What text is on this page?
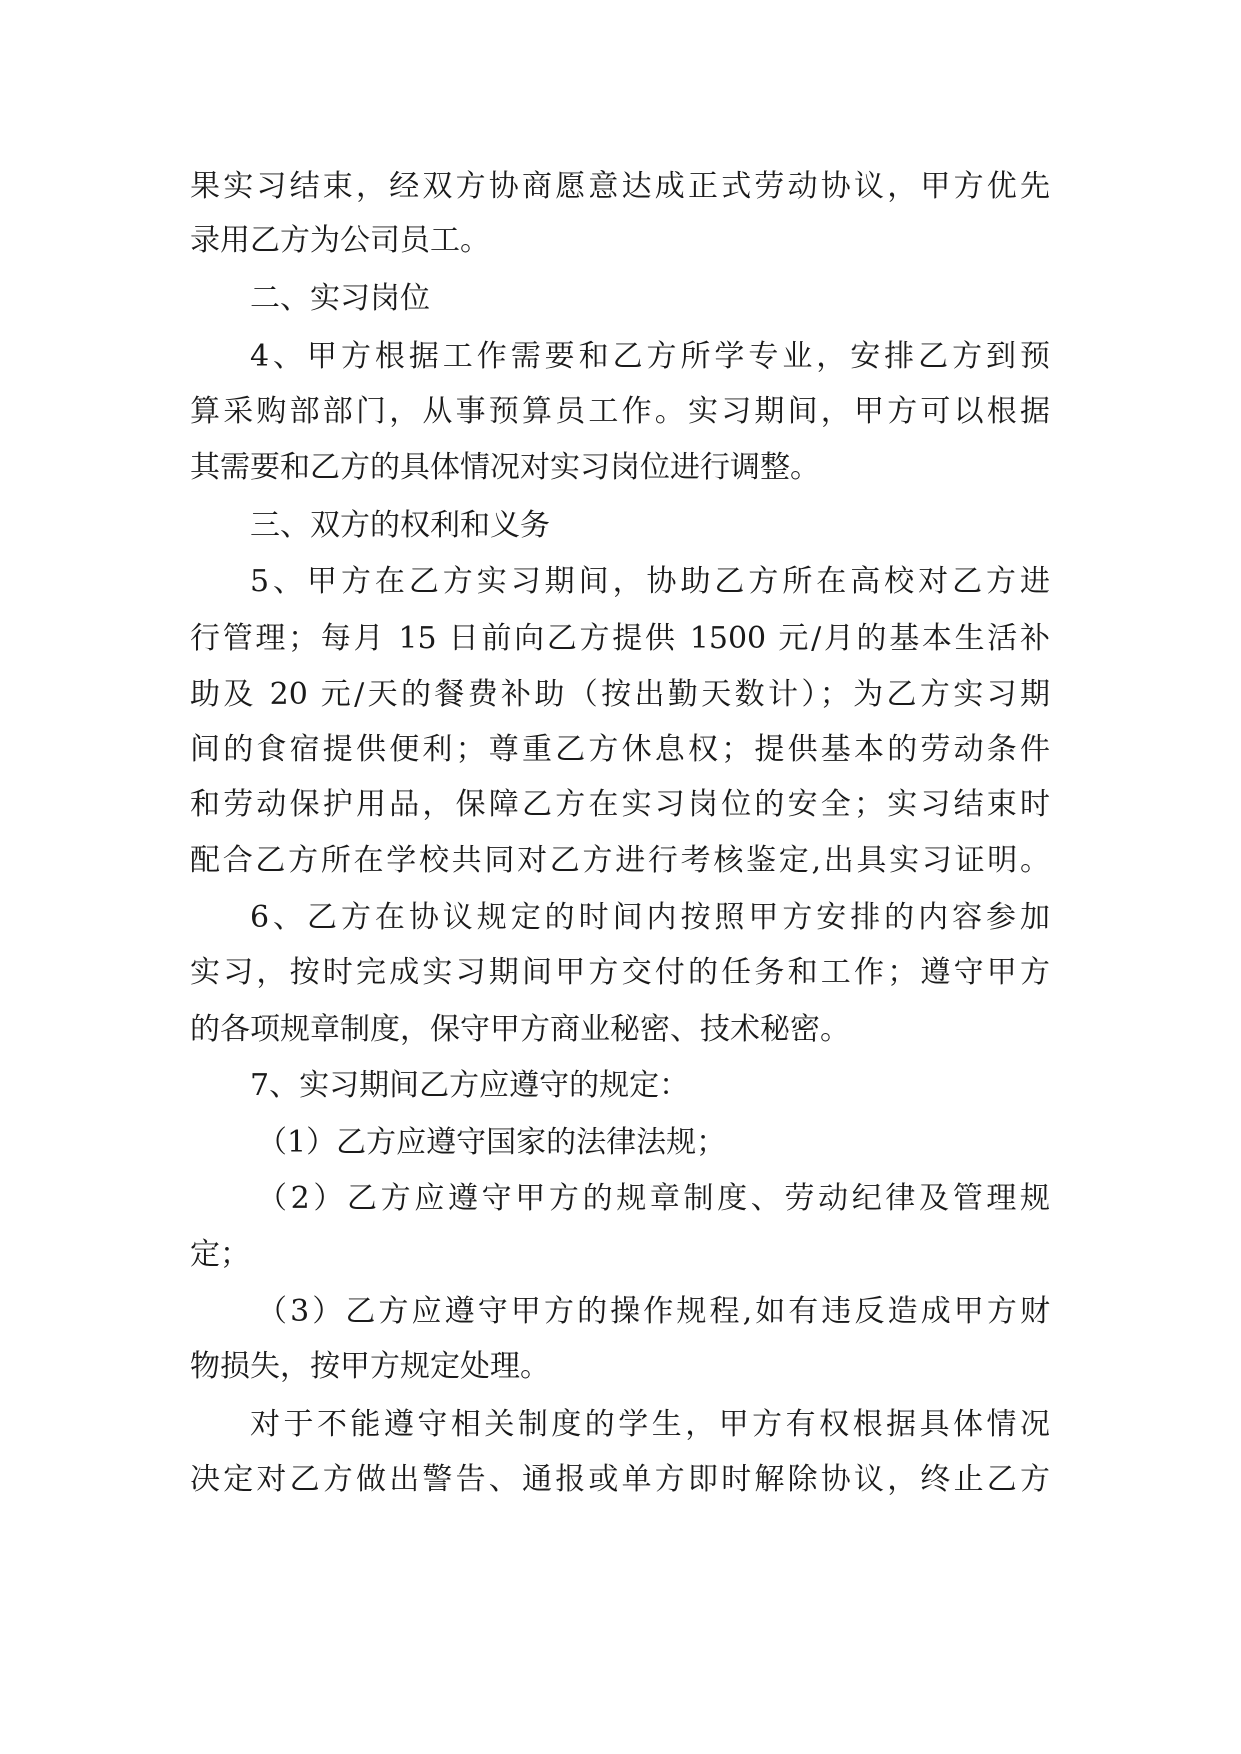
果实习结束，经双方协商愿意达成正式劳动协议，甲方优先
录用乙方为公司员工。
二、实习岗位
4、甲方根据工作需要和乙方所学专业，安排乙方到预
算采购部部门，从事预算员工作。实习期间，甲方可以根据
其需要和乙方的具体情况对实习岗位进行调整。
三、双方的权利和义务
5、甲方在乙方实习期间，协助乙方所在高校对乙方进
行管理；每月 15 日前向乙方提供 1500 元/月的基本生活补
助及 20 元/天的餐费补助（按出勤天数计）；为乙方实习期
间的食宿提供便利；尊重乙方休息权；提供基本的劳动条件
和劳动保护用品，保障乙方在实习岗位的安全；实习结束时
配合乙方所在学校共同对乙方进行考核鉴定,出具实习证明。
6、乙方在协议规定的时间内按照甲方安排的内容参加
实习，按时完成实习期间甲方交付的任务和工作；遵守甲方
的各项规章制度，保守甲方商业秘密、技术秘密。
7、实习期间乙方应遵守的规定：
（1）乙方应遵守国家的法律法规；
（2）乙方应遵守甲方的规章制度、劳动纪律及管理规
定；
（3）乙方应遵守甲方的操作规程,如有违反造成甲方财
物损失，按甲方规定处理。
对于不能遵守相关制度的学生，甲方有权根据具体情况
决定对乙方做出警告、通报或单方即时解除协议，终止乙方
